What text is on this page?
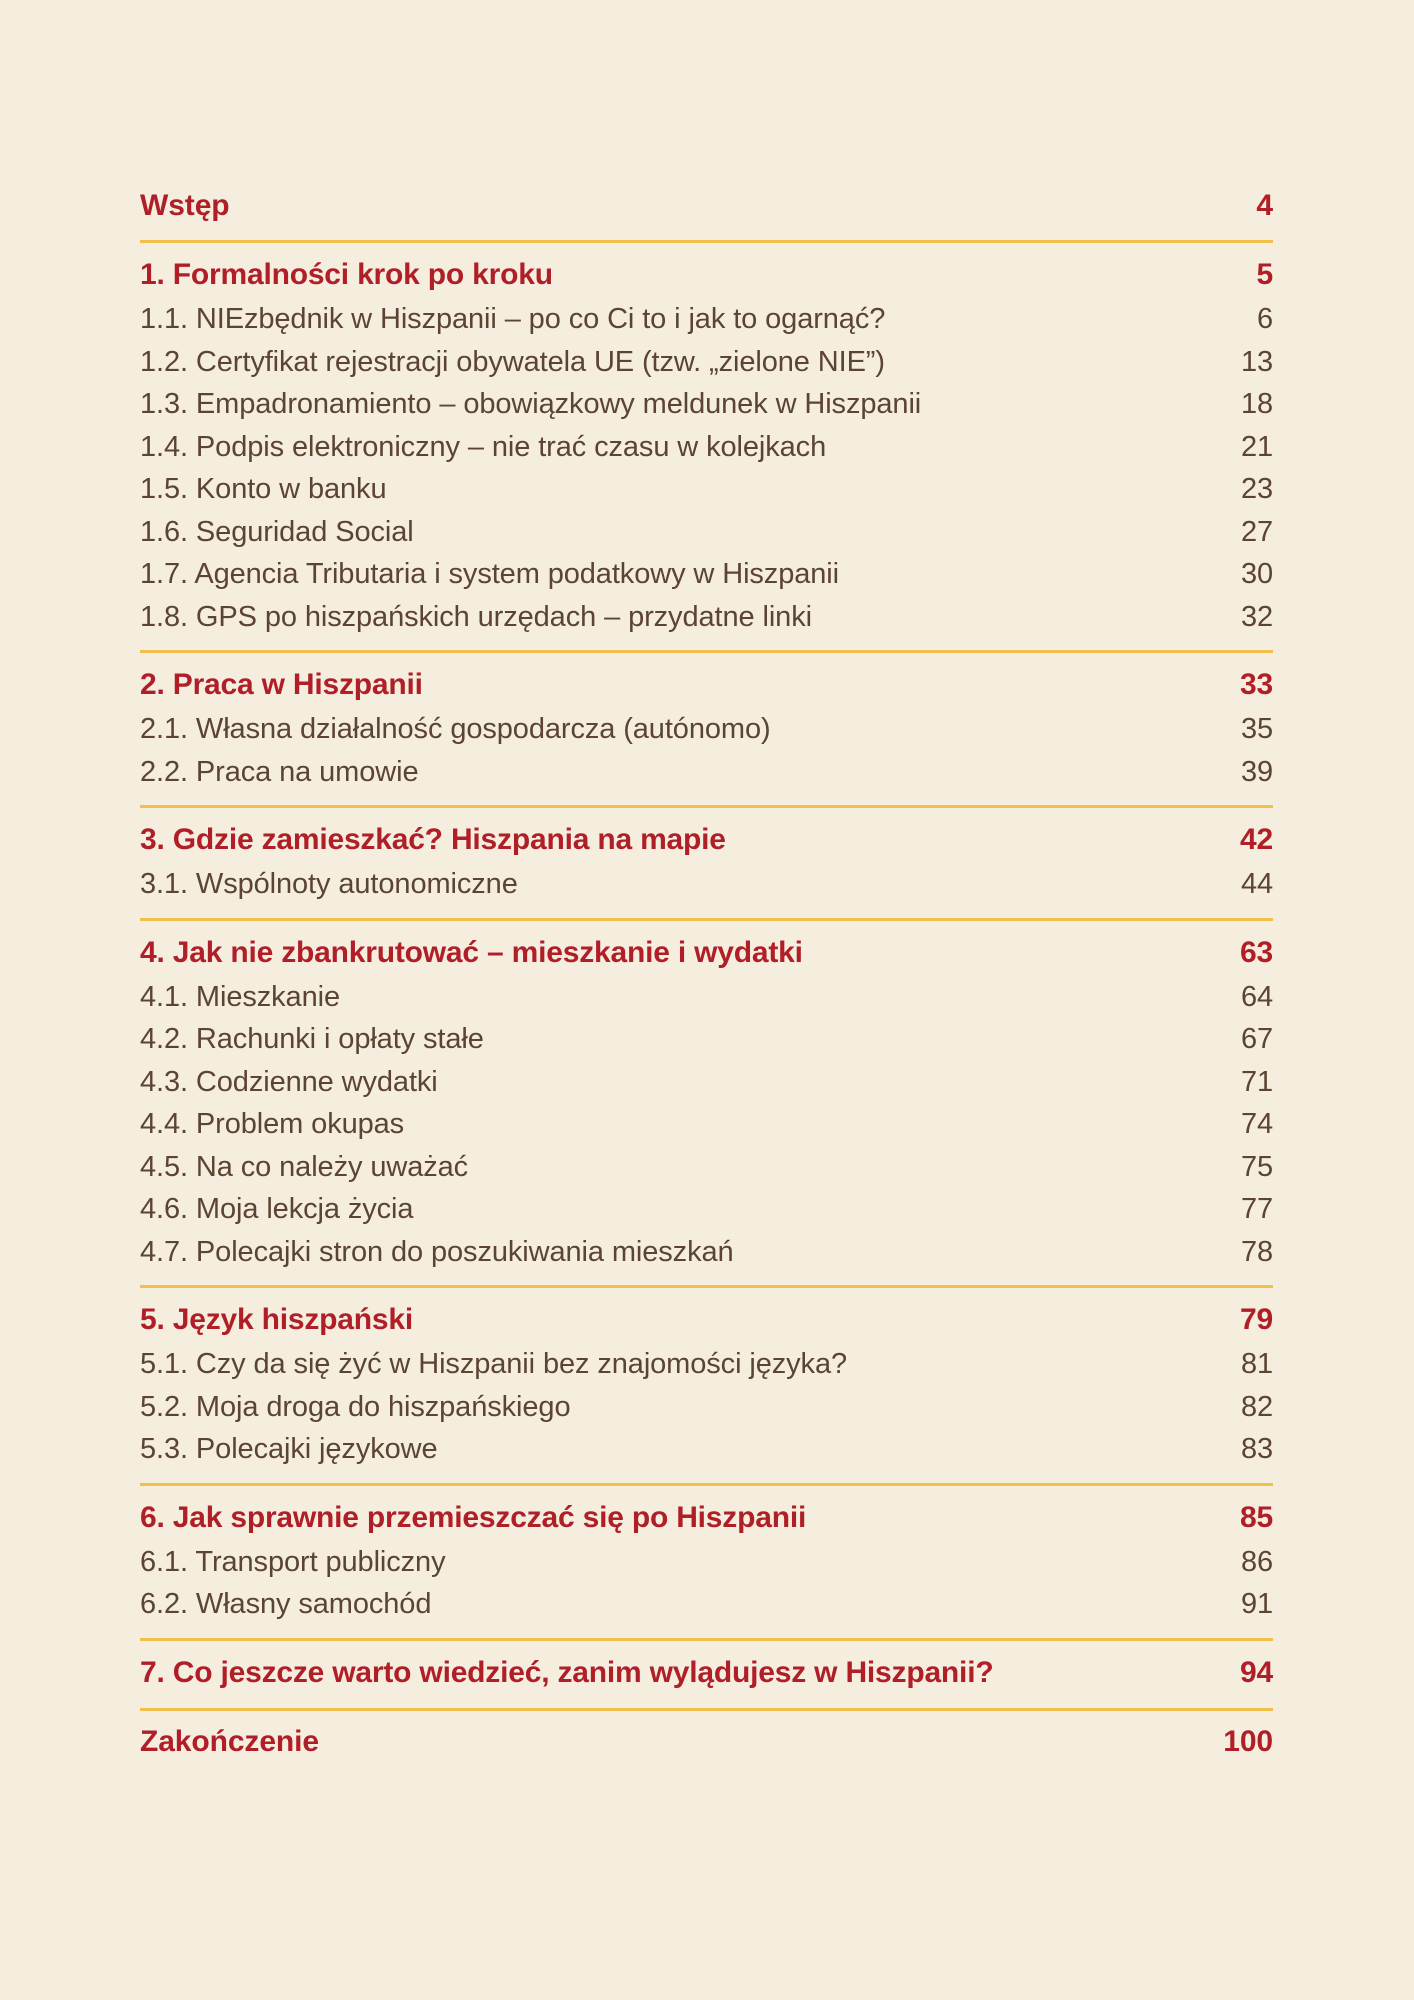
Wstęp	4
1. Formalności krok po kroku	5
1.1. NIEzbędnik w Hiszpanii – po co Ci to i jak to ogarnąć?	6
1.2. Certyfikat rejestracji obywatela UE (tzw. „zielone NIE”)	13
1.3. Empadronamiento – obowiązkowy meldunek w Hiszpanii	18
1.4. Podpis elektroniczny – nie trać czasu w kolejkach	21
1.5. Konto w banku	23
1.6. Seguridad Social	27
1.7. Agencia Tributaria i system podatkowy w Hiszpanii	30
1.8. GPS po hiszpańskich urzędach – przydatne linki	32
2. Praca w Hiszpanii	33
2.1. Własna działalność gospodarcza (autónomo)	35
2.2. Praca na umowie	39
3. Gdzie zamieszkać? Hiszpania na mapie	42
3.1. Wspólnoty autonomiczne	44
4. Jak nie zbankrutować – mieszkanie i wydatki	63
4.1. Mieszkanie	64
4.2. Rachunki i opłaty stałe	67
4.3. Codzienne wydatki	71
4.4. Problem okupas	74
4.5. Na co należy uważać	75
4.6. Moja lekcja życia	77
4.7. Polecajki stron do poszukiwania mieszkań	78
5. Język hiszpański	79
5.1. Czy da się żyć w Hiszpanii bez znajomości języka?	81
5.2. Moja droga do hiszpańskiego	82
5.3. Polecajki językowe	83
6. Jak sprawnie przemieszczać się po Hiszpanii	85
6.1. Transport publiczny	86
6.2. Własny samochód	91
7. Co jeszcze warto wiedzieć, zanim wylądujesz w Hiszpanii?	94
Zakończenie	100
